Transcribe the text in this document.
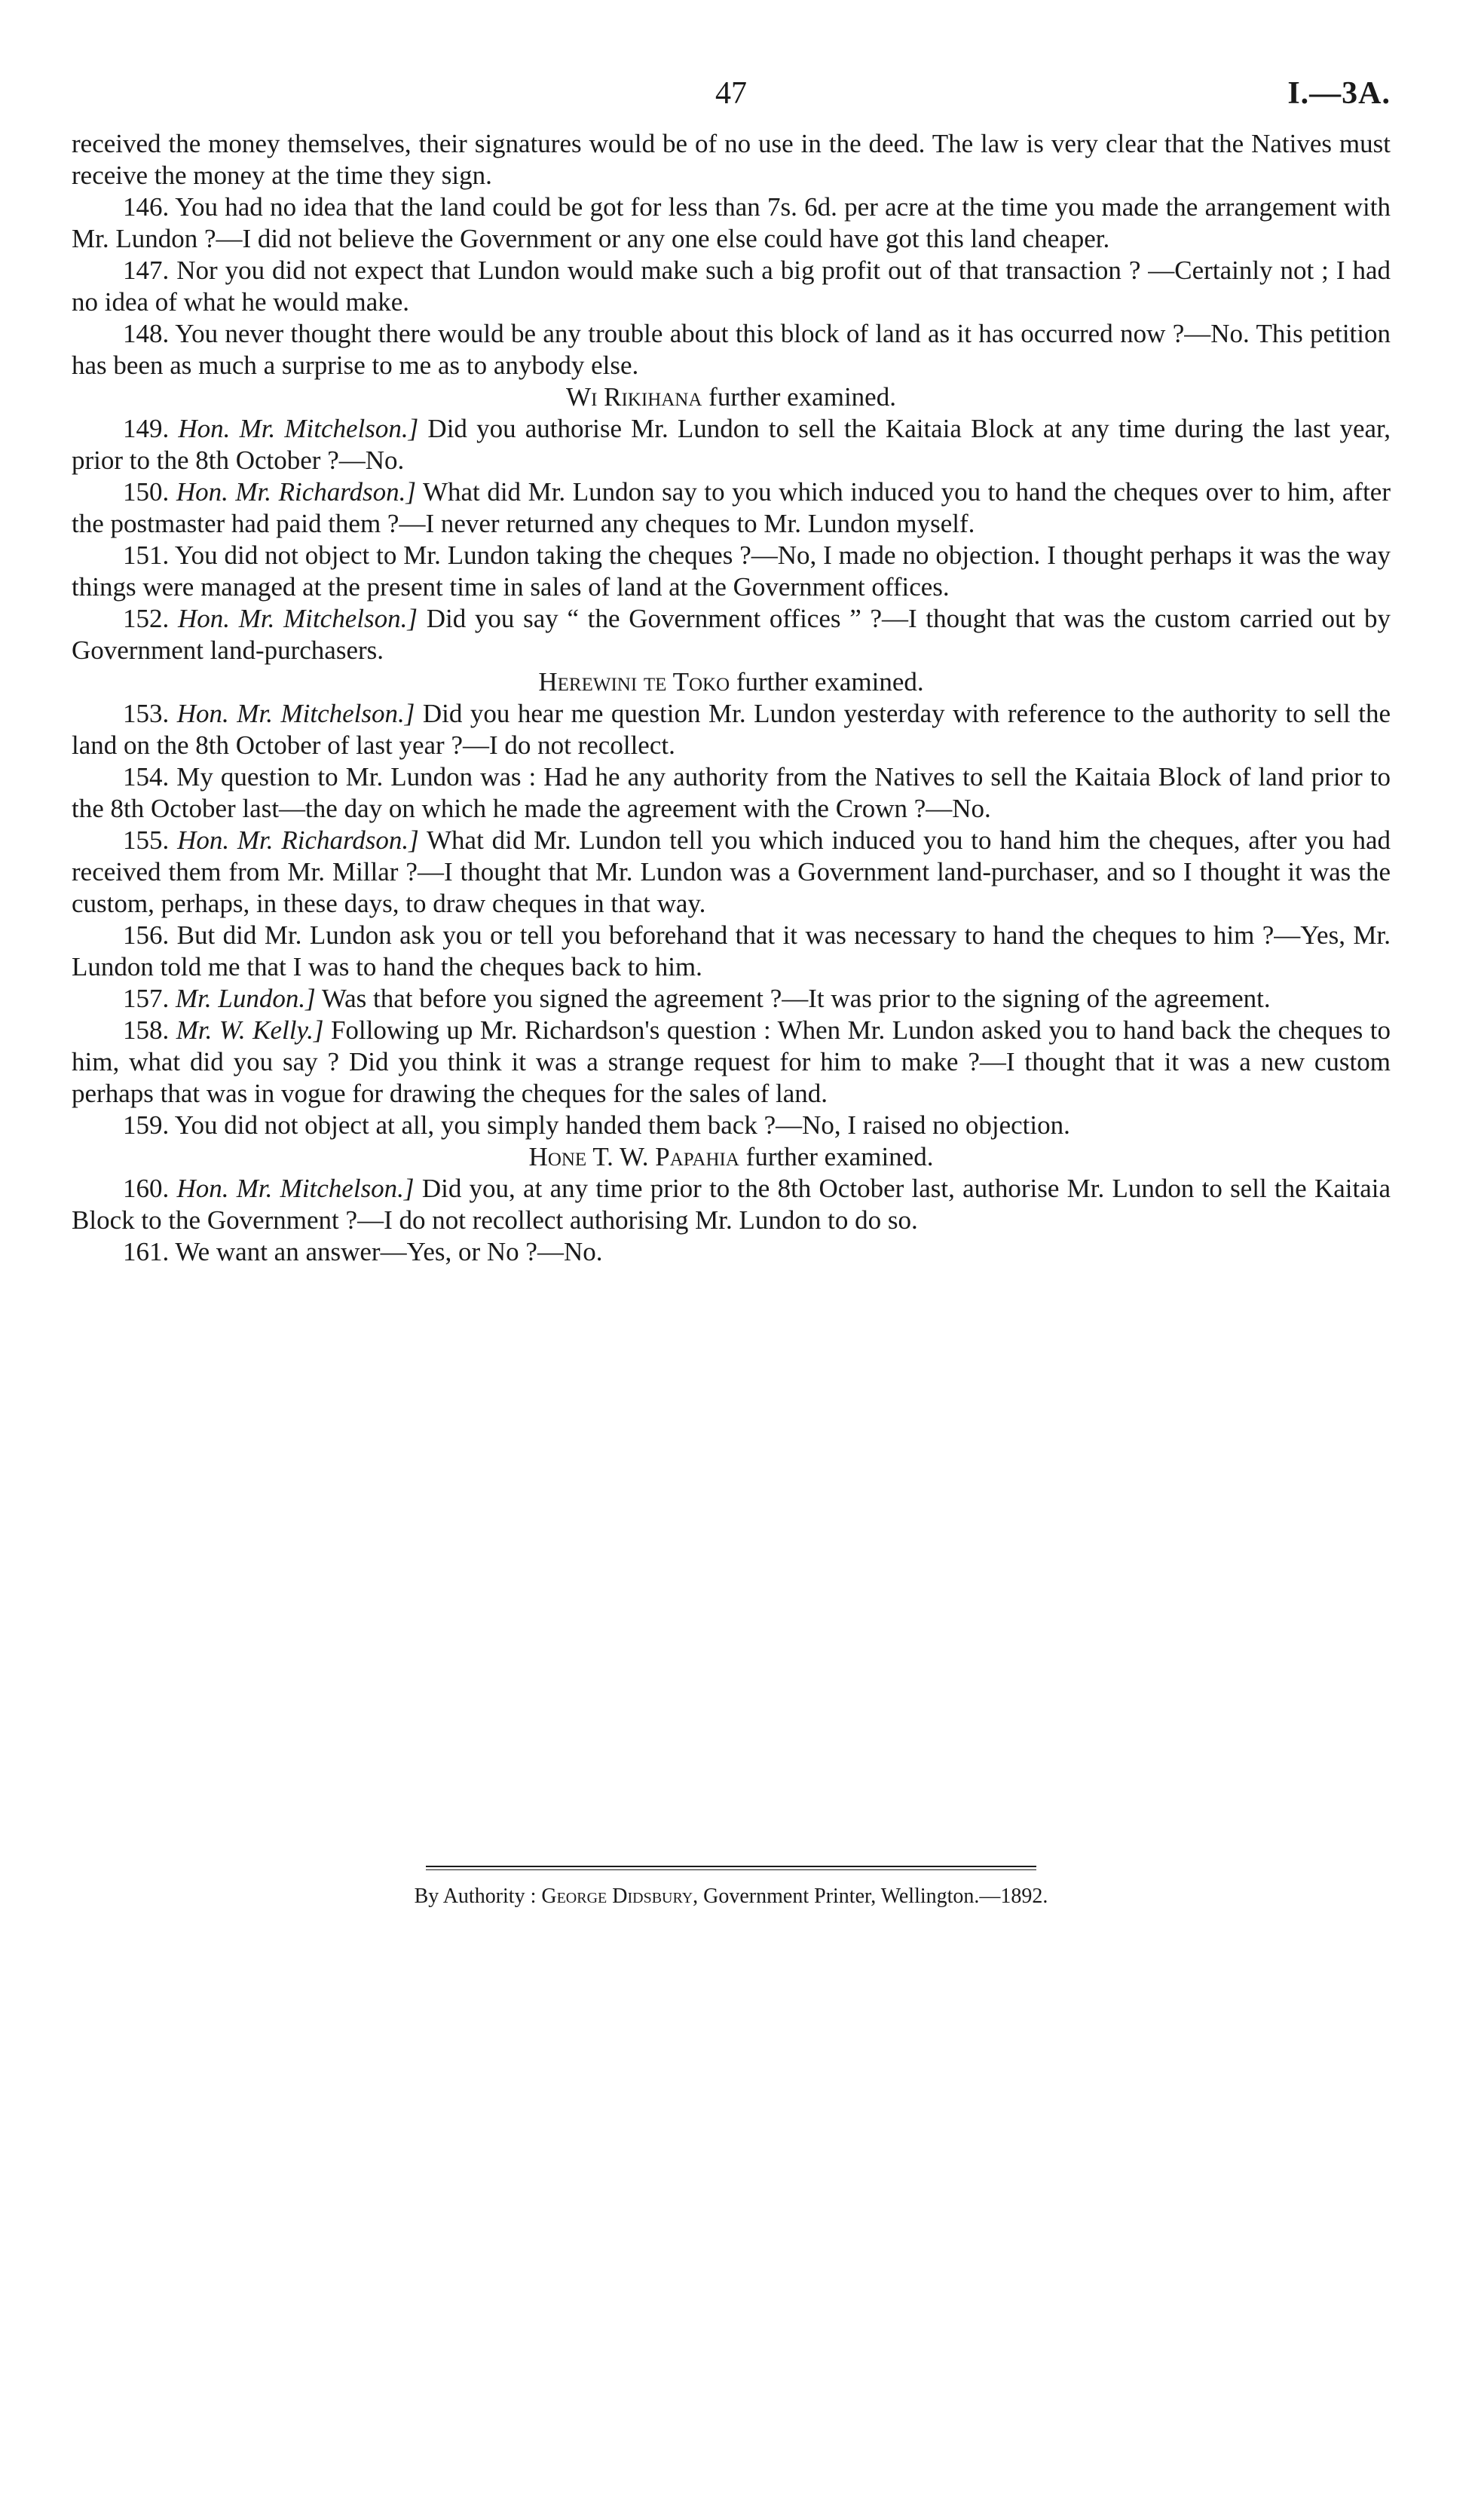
47	I.—3A.

received the money themselves, their signatures would be of no use in the deed. The law is very clear that the Natives must receive the money at the time they sign.

146. You had no idea that the land could be got for less than 7s. 6d. per acre at the time you made the arrangement with Mr. Lundon ?—I did not believe the Government or any one else could have got this land cheaper.

147. Nor you did not expect that Lundon would make such a big profit out of that transaction ? —Certainly not ; I had no idea of what he would make.

148. You never thought there would be any trouble about this block of land as it has occurred now ?—No. This petition has been as much a surprise to me as to anybody else.

Wi Rikihana further examined.

149. Hon. Mr. Mitchelson.] Did you authorise Mr. Lundon to sell the Kaitaia Block at any time during the last year, prior to the 8th October ?—No.

150. Hon. Mr. Richardson.] What did Mr. Lundon say to you which induced you to hand the cheques over to him, after the postmaster had paid them ?—I never returned any cheques to Mr. Lundon myself.

151. You did not object to Mr. Lundon taking the cheques ?—No, I made no objection. I thought perhaps it was the way things were managed at the present time in sales of land at the Government offices.

152. Hon. Mr. Mitchelson.] Did you say “ the Government offices ” ?—I thought that was the custom carried out by Government land-purchasers.

Herewini te Toko further examined.

153. Hon. Mr. Mitchelson.] Did you hear me question Mr. Lundon yesterday with reference to the authority to sell the land on the 8th October of last year ?—I do not recollect.

154. My question to Mr. Lundon was : Had he any authority from the Natives to sell the Kaitaia Block of land prior to the 8th October last—the day on which he made the agreement with the Crown ?—No.

155. Hon. Mr. Richardson.] What did Mr. Lundon tell you which induced you to hand him the cheques, after you had received them from Mr. Millar ?—I thought that Mr. Lundon was a Government land-purchaser, and so I thought it was the custom, perhaps, in these days, to draw cheques in that way.

156. But did Mr. Lundon ask you or tell you beforehand that it was necessary to hand the cheques to him ?—Yes, Mr. Lundon told me that I was to hand the cheques back to him.

157. Mr. Lundon.] Was that before you signed the agreement ?—It was prior to the signing of the agreement.

158. Mr. W. Kelly.] Following up Mr. Richardson's question : When Mr. Lundon asked you to hand back the cheques to him, what did you say ? Did you think it was a strange request for him to make ?—I thought that it was a new custom perhaps that was in vogue for drawing the cheques for the sales of land.

159. You did not object at all, you simply handed them back ?—No, I raised no objection.

Hone T. W. Papahia further examined.

160. Hon. Mr. Mitchelson.] Did you, at any time prior to the 8th October last, authorise Mr. Lundon to sell the Kaitaia Block to the Government ?—I do not recollect authorising Mr. Lundon to do so.

161. We want an answer—Yes, or No ?—No.

By Authority : George Didsbury, Government Printer, Wellington.—1892.
